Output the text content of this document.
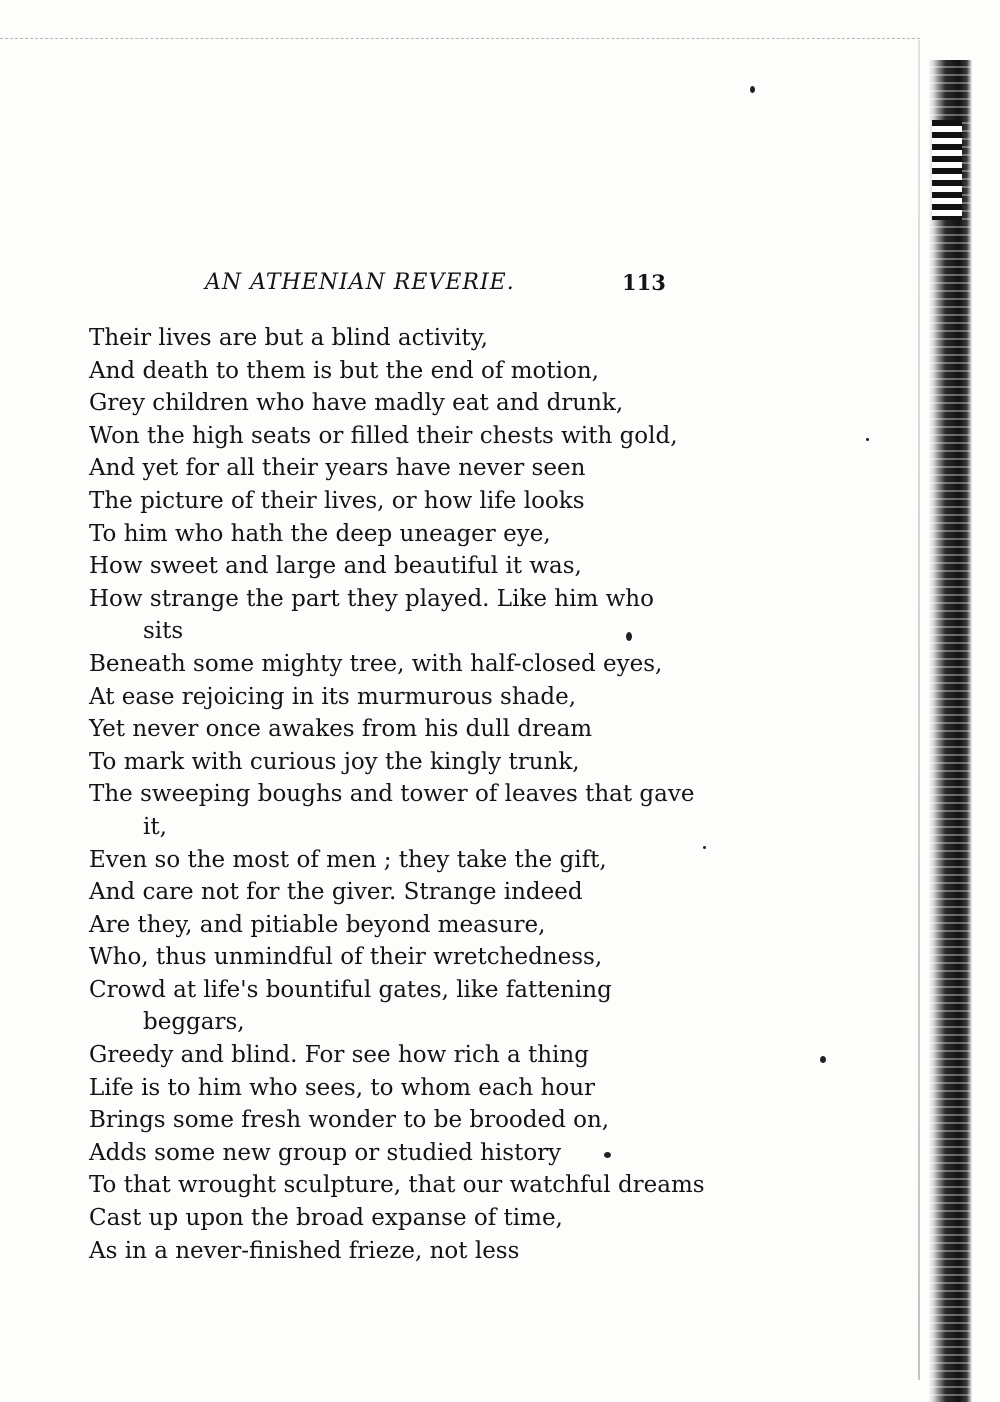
AN ATHENIAN REVERIE.	113
Their lives are but a blind activity,
And death to them is but the end of motion,
Grey children who have madly eat and drunk,
Won the high seats or filled their chests with gold,
And yet for all their years have never seen
The picture of their lives, or how life looks
To him who hath the deep uneager eye,
How sweet and large and beautiful it was,
How strange the part they played. Like him who
sits
Beneath some mighty tree, with half-closed eyes,
At ease rejoicing in its murmurous shade,
Yet never once awakes from his dull dream
To mark with curious joy the kingly trunk,
The sweeping boughs and tower of leaves that gave
it,
Even so the most of men ; they take the gift,
And care not for the giver. Strange indeed
Are they, and pitiable beyond measure,
Who, thus unmindful of their wretchedness,
Crowd at life's bountiful gates, like fattening
beggars,
Greedy and blind. For see how rich a thing
Life is to him who sees, to whom each hour
Brings some fresh wonder to be brooded on,
Adds some new group or studied history
To that wrought sculpture, that our watchful dreams
Cast up upon the broad expanse of time,
As in a never-finished frieze, not less
